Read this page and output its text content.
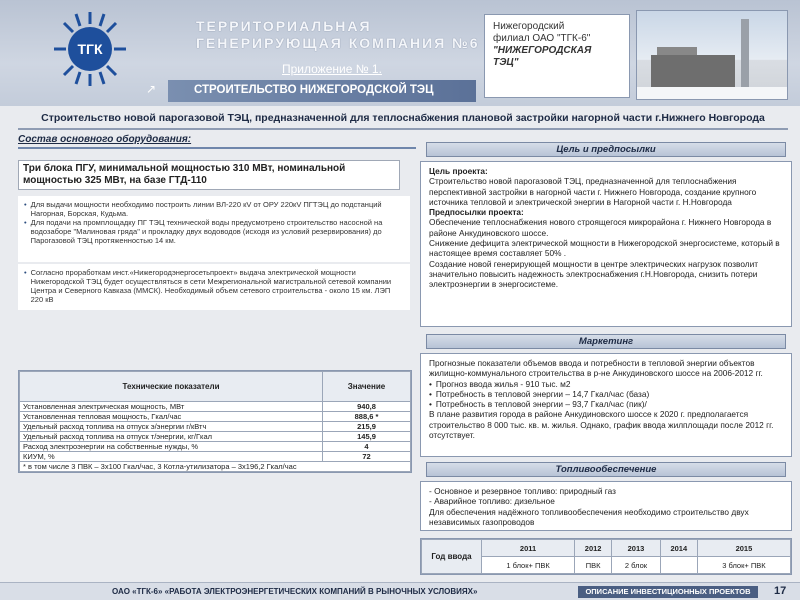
ТГК
ТЕРРИТОРИАЛЬНАЯ
ГЕНЕРИРУЮЩАЯ КОМПАНИЯ №6
Приложение № 1.
↗	СТРОИТЕЛЬСТВО НИЖЕГОРОДСКОЙ ТЭЦ
Нижегородский
филиал ОАО "ТГК-6"
"НИЖЕГОРОДСКАЯ
ТЭЦ"
Строительство новой парогазовой ТЭЦ, предназначенной для теплоснабжения плановой застройки нагорной части г.Нижнего Новгорода
Состав основного оборудования:
Три блока ПГУ, минимальной мощностью 310 МВт, номинальной мощностью 325 МВт, на базе ГТД-110
• Для выдачи мощности необходимо построить линии ВЛ-220 кV от ОРУ 220кV ПГТЭЦ до подстанций Нагорная, Борская, Кудьма.
• Для подачи на промплощадку ПГ ТЭЦ технической воды предусмотрено строительство насосной на водозаборе "Малиновая гряда" и прокладку двух водоводов (исходя из условий резервирования) до Парогазовой ТЭЦ протяженностью 14 км.
• Согласно проработкам инст.«Нижегородэнергосетьпроект» выдача электрической мощности Нижегородской ТЭЦ будет осуществляться в сети Межрегиональной магистральной сетевой компании Центра и Северного Кавказа (ММСК). Необходимый объем сетевого строительства - около 15 км. ЛЭП 220 кВ
Технические показатели	Значение
Установленная электрическая мощность, МВт	940,8
Установленная тепловая мощность, Гкал/час	888,6 *
Удельный расход топлива на отпуск э/энергии г/кВтч	215,9
Удельный расход топлива на отпуск т/энергии, кг/Гкал	145,9
Расход электроэнергии на собственные нужды, %	4
КИУМ, %	72
* в том числе 3 ПВК – 3х100 Гкал/час, 3 Котла-утилизатора – 3х196,2 Гкал/час	
Цель и предпосылки
Цель проекта:
Строительство новой парогазовой ТЭЦ, предназначенной для теплоснабжения перспективной застройки в нагорной части г. Нижнего Новгорода, создание крупного источника тепловой и электрической энергии в Нагорной части г. Н.Новгорода
Предпосылки проекта:
Обеспечение теплоснабжения нового строящегося микрорайона г. Нижнего Новгорода в районе Анкудиновского шоссе.
Снижение дефицита электрической мощности в Нижегородской энергосистеме, который в настоящее время составляет 50% .
Создание новой генерирующей мощности в центре электрических нагрузок позволит значительно повысить надежность электроснабжения г.Н.Новгорода, снизить потери электроэнергии в энергосистеме.
Маркетинг
Прогнозные показатели объемов ввода и потребности в тепловой энергии объектов жилищно-коммунального строительства в р-не Анкудиновского шоссе на 2006-2012 гг.
• Прогноз ввода жилья - 910 тыс. м2
• Потребность в тепловой энергии – 14,7 Гкал/час (база)
• Потребность в тепловой энергии – 93,7 Гкал/час (пик)/
В плане развития города в районе Анкудиновского шоссе к 2020 г. предполагается строительство 8 000 тыс. кв. м. жилья. Однако, график ввода жилплощади после 2012 гг. отсутствует.
Топливообеспечение
- Основное и резервное топливо: природный газ
- Аварийное топливо: дизельное
Для обеспечения надёжного топливообеспечения необходимо строительство двух независимых газопроводов
Год ввода	2011	2012	2013	2014	2015
	1 блок+ ПВК	ПВК	2 блок		3 блок+ ПВК
ОАО «ТГК-6» «РАБОТА ЭЛЕКТРОЭНЕРГЕТИЧЕСКИХ КОМПАНИЙ В РЫНОЧНЫХ УСЛОВИЯХ»	ОПИСАНИЕ ИНВЕСТИЦИОННЫХ ПРОЕКТОВ	17
